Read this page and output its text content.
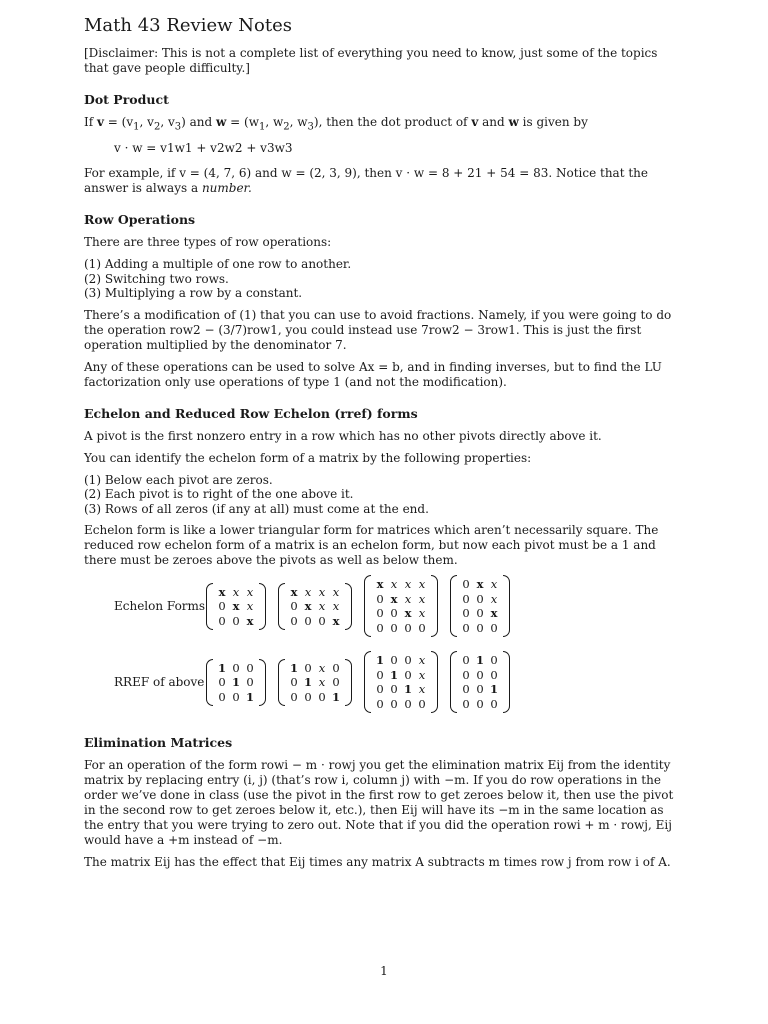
Math 43 Review Notes

[Disclaimer: This is not a complete list of everything you need to know, just some of the topics that gave people difficulty.]

Dot Product

If $v = (v_1$, $v_2$, $v_3$) and $w = (w_1$, $w_2$, $w_3$), then the dot product of v and w is given by

v · w = v1w1 + v2w2 + v3w3

For example, if v = (4, 7, 6) and w = (2, 3, 9), then v · w = 8 + 21 + 54 = 83. Notice that the answer is always a number.

Row Operations

There are three types of row operations:

(1) Adding a multiple of one row to another.
(2) Switching two rows.
(3) Multiplying a row by a constant.

There’s a modification of (1) that you can use to avoid fractions. Namely, if you were going to do the operation row2 − (3/7)row1, you could instead use 7row2 − 3row1. This is just the first operation multiplied by the denominator 7.

Any of these operations can be used to solve Ax = b, and in finding inverses, but to find the LU factorization only use operations of type 1 (and not the modification).

Echelon and Reduced Row Echelon (rref) forms

A pivot is the first nonzero entry in a row which has no other pivots directly above it.

You can identify the echelon form of a matrix by the following properties:

(1) Below each pivot are zeros.
(2) Each pivot is to right of the one above it.
(3) Rows of all zeros (if any at all) must come at the end.

Echelon form is like a lower triangular form for matrices which aren’t necessarily square. The reduced row echelon form of a matrix is an echelon form, but now each pivot must be a 1 and there must be zeroes above the pivots as well as below them.

Echelon Forms
x	x	x
0	x	x
0	0	x
x	x	x	x
0	x	x	x
0	0	0	x
x	x	x	x
0	x	x	x
0	0	x	x
0	0	0	0
0	x	x
0	0	x
0	0	x
0	0	0
RREF of above
1	0	0
0	1	0
0	0	1
1	0	x	0
0	1	x	0
0	0	0	1
1	0	0	x
0	1	0	x
0	0	1	x
0	0	0	0
0	1	0
0	0	0
0	0	1
0	0	0
Elimination Matrices

For an operation of the form rowi − m · rowj you get the elimination matrix Eij from the identity matrix by replacing entry (i, j) (that’s row i, column j) with −m. If you do row operations in the order we’ve done in class (use the pivot in the first row to get zeroes below it, then use the pivot in the second row to get zeroes below it, etc.), then Eij will have its −m in the same location as the entry that you were trying to zero out. Note that if you did the operation rowi + m · rowj, Eij would have a +m instead of −m.

The matrix Eij has the effect that Eij times any matrix A subtracts m times row j from row i of A.

1
